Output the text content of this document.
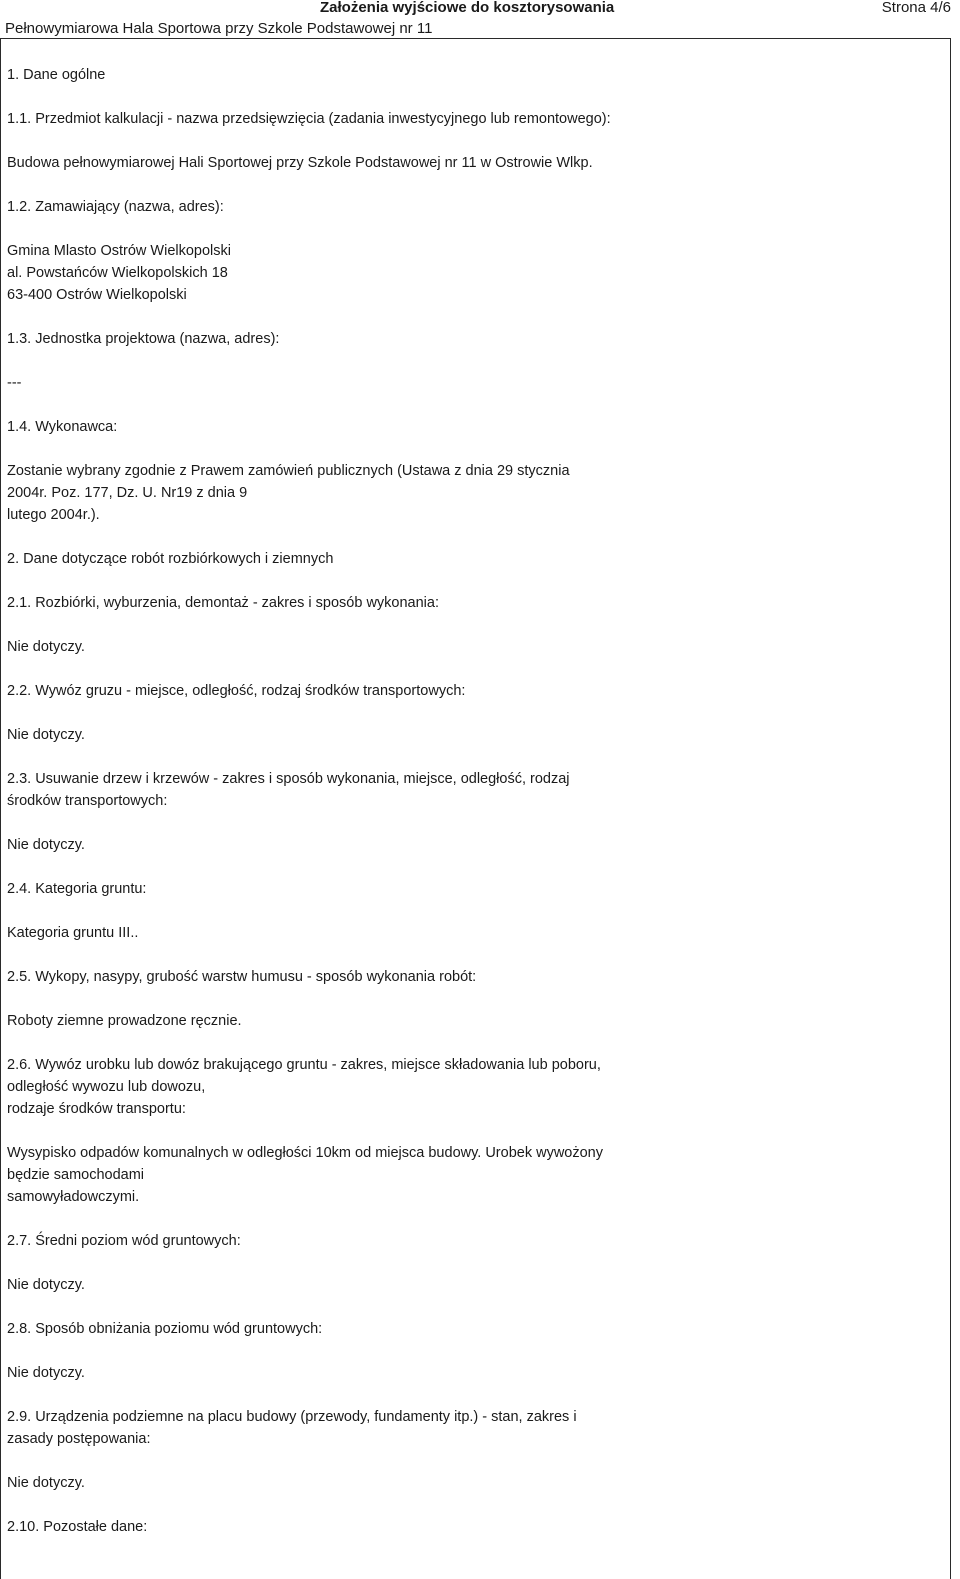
Założenia wyjściowe do kosztorysowania	Strona 4/6
Pełnowymiarowa Hala Sportowa przy Szkole Podstawowej nr 11
1. Dane ogólne
1.1. Przedmiot kalkulacji - nazwa przedsięwzięcia (zadania inwestycyjnego lub remontowego):
Budowa pełnowymiarowej Hali Sportowej przy Szkole Podstawowej nr 11 w Ostrowie Wlkp.
1.2. Zamawiający (nazwa, adres):
Gmina Mlasto Ostrów Wielkopolski
al. Powstańców Wielkopolskich 18
63-400 Ostrów Wielkopolski
1.3. Jednostka projektowa (nazwa, adres):
---
1.4. Wykonawca:
Zostanie wybrany zgodnie z Prawem zamówień publicznych (Ustawa z dnia 29 stycznia
2004r. Poz. 177, Dz. U. Nr19 z dnia 9
lutego 2004r.).
2. Dane dotyczące robót rozbiórkowych i ziemnych
2.1. Rozbiórki, wyburzenia, demontaż - zakres i sposób wykonania:
Nie dotyczy.
2.2. Wywóz gruzu - miejsce, odległość, rodzaj środków transportowych:
Nie dotyczy.
2.3. Usuwanie drzew i krzewów - zakres i sposób wykonania, miejsce, odległość, rodzaj
środków transportowych:
Nie dotyczy.
2.4. Kategoria gruntu:
Kategoria gruntu III..
2.5. Wykopy, nasypy, grubość warstw humusu - sposób wykonania robót:
Roboty ziemne prowadzone ręcznie.
2.6. Wywóz urobku lub dowóz brakującego gruntu - zakres, miejsce składowania lub poboru,
odległość wywozu lub dowozu,
rodzaje środków transportu:
Wysypisko odpadów komunalnych w odległości 10km od miejsca budowy. Urobek wywożony
będzie samochodami
samowyładowczymi.
2.7. Średni poziom wód gruntowych:
Nie dotyczy.
2.8. Sposób obniżania poziomu wód gruntowych:
Nie dotyczy.
2.9. Urządzenia podziemne na placu budowy (przewody, fundamenty itp.) - stan, zakres i
zasady postępowania:
Nie dotyczy.
2.10. Pozostałe dane:
